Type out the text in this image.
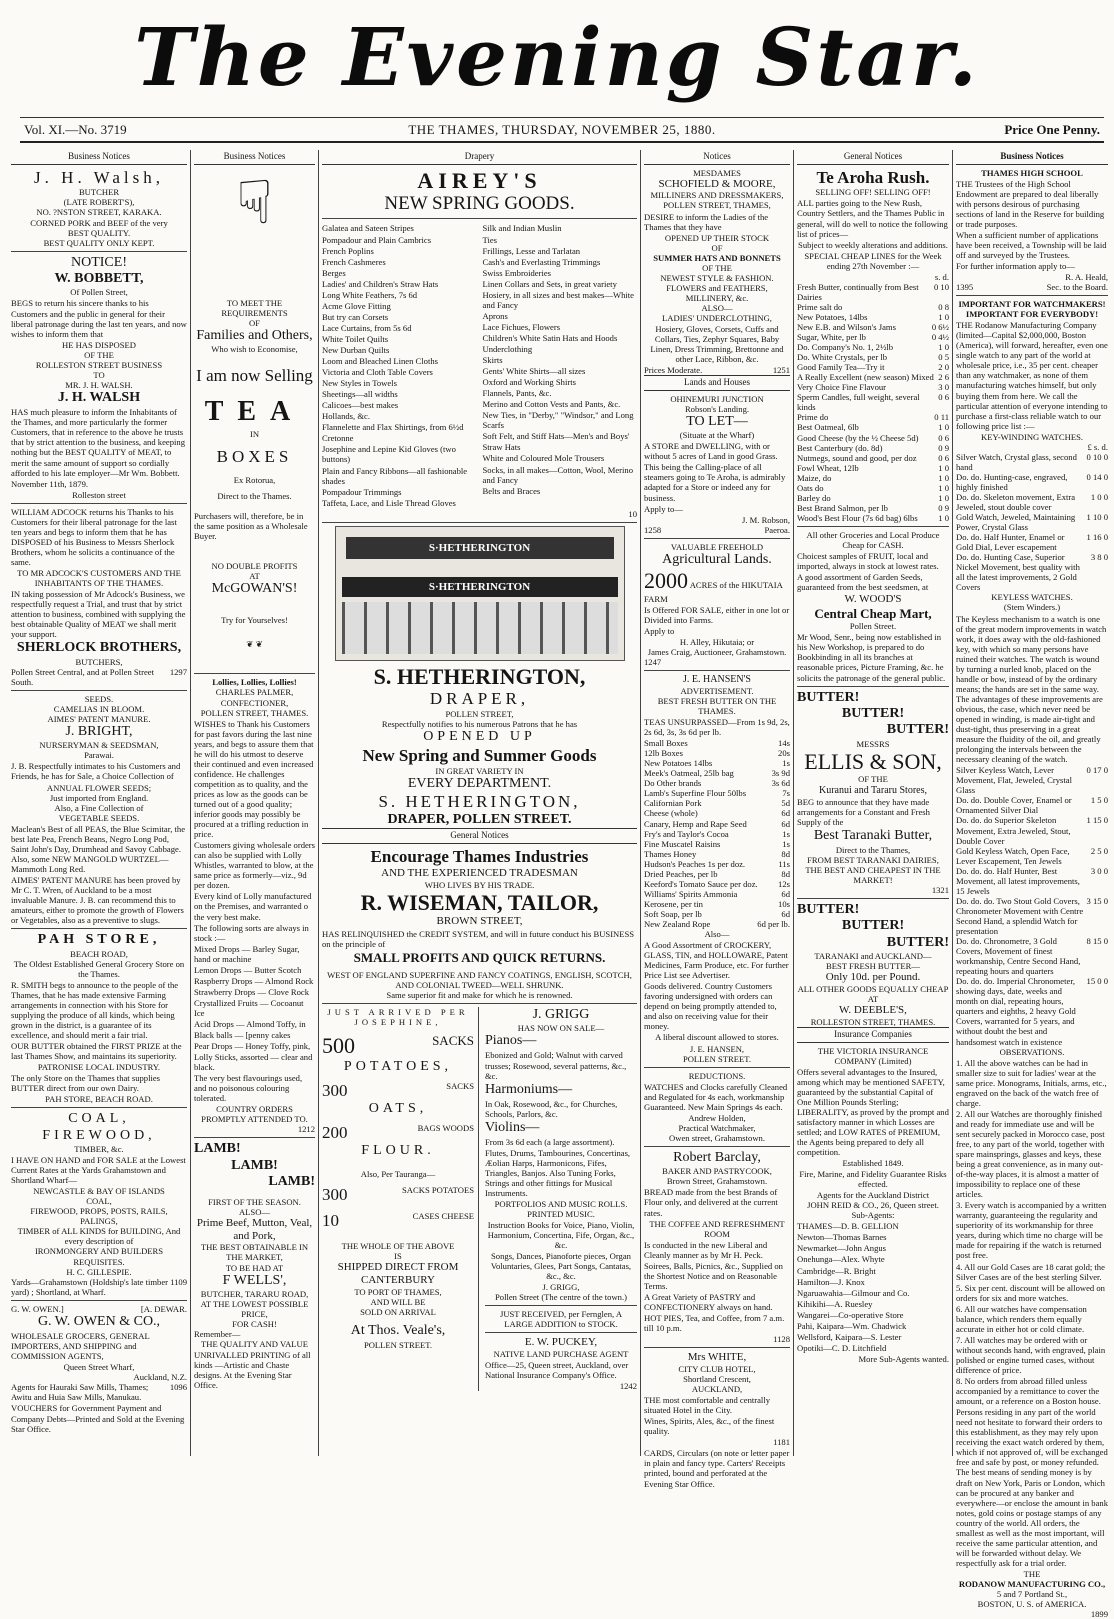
The Evening Star.
Vol. XI.—No. 3719	THE THAMES, THURSDAY, NOVEMBER 25, 1880.	Price One Penny.
Business Notices
J. H. Walsh,
BUTCHER
(LATE ROBERT'S),
NO. ?NSTON STREET, KARAKA.
CORNED PORK and BEEF of the very
BEST QUALITY.
BEST QUALITY ONLY KEPT.
NOTICE!
W. BOBBETT,
Of Pollen Street,

BEGS to return his sincere thanks to his Customers and the public in general for their liberal patronage during the last ten years, and now wishes to inform them that

HE HAS DISPOSED
OF THE
ROLLESTON STREET BUSINESS
TO
MR. J. H. WALSH.
J. H. WALSH

HAS much pleasure to inform the Inhabitants of the Thames, and more particularly the former Customers, that in reference to the above he trusts that by strict attention to the business, and keeping nothing but the BEST QUALITY of MEAT, to merit the same amount of support so cordially afforded to his late employer—Mr Wm. Bobbett.

November 11th, 1879.

Rolleston street

WILLIAM ADCOCK returns his Thanks to his Customers for their liberal patronage for the last ten years and begs to inform them that he has DISPOSED of his Business to Messrs Sherlock Brothers, whom he solicits a continuance of the same.

TO MR ADCOCK'S CUSTOMERS AND THE INHABITANTS OF THE THAMES.

IN taking possession of Mr Adcock's Business, we respectfully request a Trial, and trust that by strict attention to business, combined with supplying the best obtainable Quality of MEAT we shall merit your support.

SHERLOCK BROTHERS,
BUTCHERS,
Pollen Street Central, and at Pollen Street South.
1297
SEEDS.
CAMELIAS IN BLOOM.
AIMES' PATENT MANURE.
J. BRIGHT,
NURSERYMAN & SEEDSMAN,
Parawai.

J. B. Respectfully intimates to his Customers and Friends, he has for Sale, a Choice Collection of

ANNUAL FLOWER SEEDS;
Just imported from England.
Also, a Fine Collection of
VEGETABLE SEEDS.

Maclean's Best of all PEAS, the Blue Scimitar, the best late Pea, French Beans, Negro Long Pod, Saint John's Day, Drumhead and Savoy Cabbage. Also, some NEW MANGOLD WURTZEL—Mammoth Long Red.

AIMES' PATENT MANURE has been proved by Mr C. T. Wren, of Auckland to be a most invaluable Manure. J. B. can recommend this to amateurs, either to promote the growth of Flowers or Vegetables, also as a preventive to slugs.

PAH STORE,
BEACH ROAD,
The Oldest Established General Grocery Store on the Thames.

R. SMITH begs to announce to the people of the Thames, that he has made extensive Farming arrangements in connection with his Store for supplying the produce of all kinds, which being grown in the district, is a guarantee of its excellence, and should merit a fair trial.

OUR BUTTER obtained the FIRST PRIZE at the last Thames Show, and maintains its superiority.

PATRONISE LOCAL INDUSTRY.

The only Store on the Thames that supplies BUTTER direct from our own Dairy.

PAH STORE, BEACH ROAD.
COAL, FIREWOOD,
TIMBER, &c.

I HAVE ON HAND and FOR SALE at the Lowest Current Rates at the Yards Grahamstown and Shortland Wharf—

NEWCASTLE & BAY OF ISLANDS
COAL,
FIREWOOD, PROPS, POSTS, RAILS,
PALINGS,
TIMBER of ALL KINDS for BUILDING, And every description of
IRONMONGERY AND BUILDERS REQUISITES.
H. C. GILLESPIE.
Yards—Grahamstown (Holdship's late timber yard) ; Shortland, at Wharf.
1109
G. W. OWEN.]	[A. DEWAR.
G. W. OWEN & CO.,

WHOLESALE GROCERS, GENERAL IMPORTERS, AND SHIPPING and COMMISSION AGENTS,

Queen Street Wharf,
Auckland, N.Z.
Agents for Hauraki Saw Mills, Thames; Awitu and Huia Saw Mills, Manukau.
1096

VOUCHERS for Government Payment and Company Debts—Printed and Sold at the Evening Star Office.

Business Notices
☟
TO MEET THE REQUIREMENTS
OF
Families and Others,
Who wish to Economise,
I am now Selling
TEA
IN
BOXES
Ex Rotorua,
Direct to the Thames.

Purchasers will, therefore, be in the same position as a Wholesale Buyer.

NO DOUBLE PROFITS
AT
McGOWAN'S!
Try for Yourselves!
❦ ❦
Lollies, Lollies, Lollies!
CHARLES PALMER,
CONFECTIONER,
POLLEN STREET, THAMES.

WISHES to Thank his Customers for past favors during the last nine years, and begs to assure them that he will do his utmost to deserve their continued and even increased confidence. He challenges competition as to quality, and the prices as low as the goods can be turned out of a good quality; inferior goods may possibly be procured at a trifling reduction in price.

Customers giving wholesale orders can also be supplied with Lolly Whistles, warranted to blow, at the same price as formerly—viz., 9d per dozen.

Every kind of Lolly manufactured on the Premises, and warranted o the very best make.

The following sorts are always in stock :—

Mixed Drops — Barley Sugar, hand or machine

Lemon Drops — Butter Scotch

Raspberry Drops — Almond Rock

Strawberry Drops — Clove Rock

Crystallized Fruits — Cocoanut Ice

Acid Drops — Almond Toffy, in

Black balls — [penny cakes

Pear Drops — Honey Toffy, pink,

Lolly Sticks, assorted — clear and black.

The very best flavourings used, and no poisonous colouring tolerated.

COUNTRY ORDERS PROMPTLY ATTENDED TO.
1212
LAMB!
LAMB!
LAMB!
FIRST OF THE SEASON.
ALSO—
Prime Beef, Mutton, Veal, and Pork,
THE BEST OBTAINABLE IN THE MARKET,
TO BE HAD AT
F WELLS',
BUTCHER, TARARU ROAD,
AT THE LOWEST POSSIBLE PRICE,
FOR CASH!
Remember—
THE QUALITY AND VALUE

UNRIVALLED PRINTING of all kinds —Artistic and Chaste designs. At the Evening Star Office.

Drapery
AIREY'S
NEW SPRING GOODS.

Galatea and Sateen Stripes

Pompadour and Plain Cambrics

French Poplins

French Cashmeres

Berges

Ladies' and Children's Straw Hats

Long White Feathers, 7s 6d

Acme Glove Fitting

But try can Corsets

Lace Curtains, from 5s 6d

White Toilet Quilts

New Durban Quilts

Loom and Bleached Linen Cloths

Victoria and Cloth Table Covers

New Styles in Towels

Sheetings—all widths

Calicoes—best makes

Hollands, &c.

Flannelette and Flax Shirtings, from 6½d

Cretonne

Josephine and Lepine Kid Gloves (two buttons)

Plain and Fancy Ribbons—all fashionable shades

Pompadour Trimmings

Taffeta, Lace, and Lisle Thread Gloves

Silk and Indian Muslin

Ties

Frillings, Lesse and Tarlatan

Cash's and Everlasting Trimmings

Swiss Embroideries

Linen Collars and Sets, in great variety

Hosiery, in all sizes and best makes—White and Fancy

Aprons

Lace Fichues, Flowers

Children's White Satin Hats and Hoods

Underclothing

Skirts

Gents' White Shirts—all sizes

Oxford and Working Shirts

Flannels, Pants, &c.

Merino and Cotton Vests and Pants, &c.

New Ties, in "Derby," "Windsor," and Long Scarfs

Soft Felt, and Stiff Hats—Men's and Boys'

Straw Hats

White and Coloured Mole Trousers

Socks, in all makes—Cotton, Wool, Merino and Fancy

Belts and Braces

10
S·HETHERINGTON
S·HETHERINGTON
S. HETHERINGTON,
DRAPER,
POLLEN STREET,
Respectfully notifies to his numerous Patrons that he has
OPENED UP
New Spring and Summer Goods
IN GREAT VARIETY IN
EVERY DEPARTMENT.
S. HETHERINGTON,
DRAPER, POLLEN STREET.
General Notices
Encourage Thames Industries
AND THE EXPERIENCED TRADESMAN
WHO LIVES BY HIS TRADE.
R. WISEMAN, TAILOR,
BROWN STREET,

HAS RELINQUISHED the CREDIT SYSTEM, and will in future conduct his BUSINESS on the principle of

SMALL PROFITS AND QUICK RETURNS.
WEST OF ENGLAND SUPERFINE AND FANCY COATINGS, ENGLISH, SCOTCH, AND COLONIAL TWEED—WELL SHRUNK.
Same superior fit and make for which he is renowned.
JUST ARRIVED PER JOSEPHINE,
500	SACKS
POTATOES,
300	SACKS
OATS,
200	BAGS WOODS
FLOUR.
Also, Per Tauranga—
300	SACKS POTATOES
10	CASES CHEESE
THE WHOLE OF THE ABOVE
IS
SHIPPED DIRECT FROM
CANTERBURY
TO PORT OF THAMES,
AND WILL BE
SOLD ON ARRIVAL
At Thos. Veale's,
POLLEN STREET.
J. GRIGG
HAS NOW ON SALE—
Pianos—

Ebonized and Gold; Walnut with carved trusses; Rosewood, several patterns, &c., &c.

Harmoniums—

In Oak, Rosewood, &c., for Churches, Schools, Parlors, &c.

Violins—

From 3s 6d each (a large assortment). Flutes, Drums, Tambourines, Concertinas, Æolian Harps, Harmonicons, Fifes, Triangles, Banjos. Also Tuning Forks, Strings and other fittings for Musical Instruments.

PORTFOLIOS AND MUSIC ROLLS. PRINTED MUSIC.

Instruction Books for Voice, Piano, Violin, Harmonium, Concertina, Fife, Organ, &c., &c.

Songs, Dances, Pianoforte pieces, Organ Voluntaries, Glees, Part Songs, Cantatas, &c., &c.

J. GRIGG,
Pollen Street (The centre of the town.)

JUST RECEIVED, per Fernglen, A LARGE ADDITION to STOCK.

E. W. PUCKEY,
NATIVE LAND PURCHASE AGENT

Office—25, Queen street, Auckland, over National Insurance Company's Office.

1242
Notices
MESDAMES
SCHOFIELD & MOORE,
MILLINERS AND DRESSMAKERS,
POLLEN STREET, THAMES,

DESIRE to inform the Ladies of the Thames that they have

OPENED UP THEIR STOCK
OF
SUMMER HATS AND BONNETS
OF THE
NEWEST STYLE & FASHION.
FLOWERS and FEATHERS, MILLINERY, &c.
ALSO—
LADIES' UNDERCLOTHING,

Hosiery, Gloves, Corsets, Cuffs and Collars, Ties, Zephyr Squares, Baby Linen, Dress Trimming, Brettonne and other Lace, Ribbon, &c.

Prices Moderate.	1251
Lands and Houses
OHINEMURI JUNCTION
Robson's Landing.
TO LET—
(Situate at the Wharf)

A STORE and DWELLING, with or without 5 acres of Land in good Grass.

This being the Calling-place of all steamers going to Te Aroha, is admirably adapted for a Store or indeed any for business.

Apply to—

J. M. Robson,
1258	Paeroa.
VALUABLE FREEHOLD
Agricultural Lands.
2000 ACRES of the HIKUTAIA FARM

Is Offered FOR SALE, either in one lot or Divided into Farms.

Apply to

H. Alley, Hikutaia; or
James Craig, Auctioneer, Grahamstown.
1247
J. E. HANSEN'S
ADVERTISEMENT.
BEST FRESH BUTTER ON THE THAMES.

TEAS UNSURPASSED—From 1s 9d, 2s, 2s 6d, 3s, 3s 6d per lb.

Small Boxes	14s
12lb Boxes	20s
New Potatoes 14lbs	1s
Meek's Oatmeal, 25lb bag	3s 9d
Do Other brands	3s 6d
Lamb's Superfine Flour 50lbs	7s
Californian Pork	5d
Cheese (whole)	6d
Canary, Hemp and Rape Seed	6d
Fry's and Taylor's Cocoa	1s
Fine Muscatel Raisins	1s
Thames Honey	8d
Hudson's Peaches 1s per doz.	11s
Dried Peaches, per lb	8d
Keeford's Tomato Sauce per doz.	12s
Williams' Spirits Ammonia	6d
Kerosene, per tin	10s
Soft Soap, per lb	6d
New Zealand Rope	6d per lb.
Also—

A Good Assortment of CROCKERY, GLASS, TIN, and HOLLOWARE, Patent Medicines, Farm Produce, etc. For further Price List see Advertiser.

Goods delivered. Country Customers favoring undersigned with orders can depend on being promptly attended to, and also on receiving value for their money.

A liberal discount allowed to stores.

J. E. HANSEN,
POLLEN STREET.
REDUCTIONS.

WATCHES and Clocks carefully Cleaned and Regulated for 4s each, workmanship Guaranteed. New Main Springs 4s each.

Andrew Holden,
Practical Watchmaker,
Owen street, Grahamstown.
Robert Barclay,
BAKER AND PASTRYCOOK,
Brown Street, Grahamstown.

BREAD made from the best Brands of Flour only, and delivered at the current rates.

THE COFFEE AND REFRESHMENT ROOM

Is conducted in the new Liberal and Cleanly manner as by Mr H. Peck.

Soirees, Balls, Picnics, &c., Supplied on the Shortest Notice and on Reasonable Terms.

A Great Variety of PASTRY and CONFECTIONERY always on hand.

HOT PIES, Tea, and Coffee, from 7 a.m. till 10 p.m.

1128
Mrs WHITE,
CITY CLUB HOTEL,
Shortland Crescent,
AUCKLAND,

THE most comfortable and centrally situated Hotel in the City.

Wines, Spirits, Ales, &c., of the finest quality.

1181

CARDS, Circulars (on note or letter paper in plain and fancy type. Carters' Receipts printed, bound and perforated at the Evening Star Office.

General Notices
Te Aroha Rush.
SELLING OFF! SELLING OFF!

ALL parties going to the New Rush, Country Settlers, and the Thames Public in general, will do well to notice the following list of prices—

Subject to weekly alterations and additions.

SPECIAL CHEAP LINES for the Week ending 27th November :—

s. d.
Fresh Butter, continually from Best Dairies
0 10
Prime salt do	0 8
New Potatoes, 14lbs	1 0
New E.B. and Wilson's Jams	0 6½
Sugar, White, per lb	0 4½
Do. Company's No. 1, 2½lb	1 0
Do. White Crystals, per lb	0 5
Good Family Tea—Try it	2 0
A Really Excellent (new season) Mixed 2 6
Very Choice Fine Flavour	3 0
Sperm Candles, full weight, several kinds
0 6
Prime do	0 11
Best Oatmeal, 6lb	1 0
Good Cheese (by the ½ Cheese 5d)	0 6
Best Canterbury (do. 8d)	0 9
Nutmegs, sound and good, per doz	0 6
Fowl Wheat, 12lb	1 0
Maize, do	1 0
Oats do	1 0
Barley do	1 0
Best Brand Salmon, per lb	0 9
Wood's Best Flour (7s 6d bag) 6lbs	1 0

All other Groceries and Local Produce Cheap for CASH.

Choicest samples of FRUIT, local and imported, always in stock at lowest rates.

A good assortment of Garden Seeds, guaranteed from the best seedsmen, at

W. WOOD'S
Central Cheap Mart,
Pollen Street.

Mr Wood, Senr., being now established in his New Workshop, is prepared to do Bookbinding in all its branches at reasonable prices, Picture Framing, &c. he solicits the patronage of the general public.

BUTTER!
BUTTER!
BUTTER!
MESSRS
ELLIS & SON,
OF THE
Kuranui and Tararu Stores,

BEG to announce that they have made arrangements for a Constant and Fresh Supply of the

Best Taranaki Butter,
Direct to the Thames,
FROM BEST TARANAKI DAIRIES,
THE BEST AND CHEAPEST IN THE MARKET!
1321
BUTTER!
BUTTER!
BUTTER!
TARANAKI and AUCKLAND—
BEST FRESH BUTTER—
Only 10d. per Pound.
ALL OTHER GOODS EQUALLY CHEAP AT
W. DEEBLE'S,
ROLLESTON STREET, THAMES.
Insurance Companies
THE VICTORIA INSURANCE COMPANY (Limited)

Offers several advantages to the Insured, among which may be mentioned SAFETY, guaranteed by the substantial Capital of One Million Pounds Sterling; LIBERALITY, as proved by the prompt and satisfactory manner in which Losses are settled; and LOW RATES of PREMIUM, the Agents being prepared to defy all competition.

Established 1849.

Fire, Marine, and Fidelity Guarantee Risks effected.

Agents for the Auckland District
JOHN REID & CO., 26, Queen street.
Sub-Agents:

THAMES—D. B. GELLION

Newton—Thomas Barnes

Newmarket—John Angus

Onehunga—Alex. Whyte

Cambridge—R. Bright

Hamilton—J. Knox

Ngaruawahia—Gilmour and Co.

Kihikihi—A. Ruesley

Wangarei—Co-operative Store

Pahi, Kaipara—Wm. Chadwick

Wellsford, Kaipara—S. Lester

Opotiki—C. D. Litchfield

More Sub-Agents wanted.
Business Notices
THAMES HIGH SCHOOL

THE Trustees of the High School Endowment are prepared to deal liberally with persons desirous of purchasing sections of land in the Reserve for building or trade purposes.

When a sufficient number of applications have been received, a Township will be laid off and surveyed by the Trustees.

For further information apply to—

R. A. Heald,
1395	Sec. to the Board.
IMPORTANT FOR WATCHMAKERS!
IMPORTANT FOR EVERYBODY!

THE Rodanow Manufacturing Company (limited—Capital $2,000,000, Boston (America), will forward, hereafter, even one single watch to any part of the world at wholesale price, i.e., 35 per cent. cheaper than any watchmaker, as none of them manufacturing watches himself, but only buying them from here. We call the particular attention of everyone intending to purchase a first-class reliable watch to our following price list :—

KEY-WINDING WATCHES.
£ s. d.
Silver Watch, Crystal glass, second hand
0 10 0
Do. do. Hunting-case, engraved, highly finished
0 14 0
Do. do. Skeleton movement, Extra Jeweled, stout double cover
1 0 0
Gold Watch, Jeweled, Maintaining Power, Crystal Glass
1 10 0
Do. do. Half Hunter, Enamel or Gold Dial, Lever escapement
1 16 0
Do. do. Hunting Case, Superior Nickel Movement, best quality with all the latest improvements, 2 Gold Covers
3 8 0
KEYLESS WATCHES.
(Stem Winders.)

The Keyless mechanism to a watch is one of the great modern improvements in watch work, it does away with the old-fashioned key, with which so many persons have ruined their watches. The watch is wound by turning a nurled knob, placed on the handle or bow, instead of by the ordinary means; the hands are set in the same way. The advantages of these improvements are obvious, the case, which never need be opened in winding, is made air-tight and dust-tight, thus preserving in a great measure the fluidity of the oil, and greatly prolonging the intervals between the necessary cleaning of the watch.

Silver Keyless Watch, Lever Movement, Flat, Jeweled, Crystal Glass
0 17 0
Do. do. Double Cover, Enamel or Ornamented Silver Dial
1 5 0
Do. do. do Superior Skeleton Movement, Extra Jeweled, Stout, Double Cover
1 15 0
Gold Keyless Watch, Open Face, Lever Escapement, Ten Jewels
2 5 0
Do. do. do. Half Hunter, Best Movement, all latest improvements, 15 Jewels
3 0 0
Do. do. do. Two Stout Gold Covers, Chronometer Movement with Centre Second Hand, a splendid Watch for presentation
3 15 0
Do. do. Chronometre, 3 Gold Covers, Movement of finest workmanship, Centre Second Hand, repeating hours and quarters
8 15 0
Do. do. do. Imperial Chronometer, showing days, date, weeks and month on dial, repeating hours, quarters and eighths, 2 heavy Gold Covers, warranted for 5 years, and without doubt the best and handsomest watch in existence
15 0 0
OBSERVATIONS.

1. All the above watches can be had in smaller size to suit for ladies' wear at the same price. Monograms, Initials, arms, etc., engraved on the back of the watch free of charge.

2. All our Watches are thoroughly finished and ready for immediate use and will be sent securely packed in Morocco case, post free, to any part of the world, together with spare mainsprings, glasses and keys, these being a great convenience, as in many out-of-the-way places, it is almost a matter of impossibility to replace one of these articles.

3. Every watch is accompanied by a written warranty, guaranteeing the regularity and superiority of its workmanship for three years, during which time no charge will be made for repairing if the watch is returned post free.

4. All our Gold Cases are 18 carat gold; the Silver Cases are of the best sterling Silver.

5. Six per cent. discount will be allowed on orders for six and more watches.

6. All our watches have compensation balance, which renders them equally accurate in either hot or cold climate.

7. All watches may be ordered with or without seconds hand, with engraved, plain polished or engine turned cases, without difference of price.

8. No orders from abroad filled unless accompanied by a remittance to cover the amount, or a reference on a Boston house.

Persons residing in any part of the world need not hesitate to forward their orders to this establishment, as they may rely upon receiving the exact watch ordered by them, which if not approved of, will be exchanged free and safe by post, or money refunded. The best means of sending money is by draft on New York, Paris or London, which can be procured at any banker and everywhere—or enclose the amount in bank notes, gold coins or postage stamps of any country of the world. All orders, the smallest as well as the most important, will receive the same particular attention, and will be forwarded without delay. We respectfully ask for a trial order.

THE
RODANOW MANUFACTURING CO.,
5 and 7 Portland St.,
BOSTON, U. S. of AMERICA.
1899
